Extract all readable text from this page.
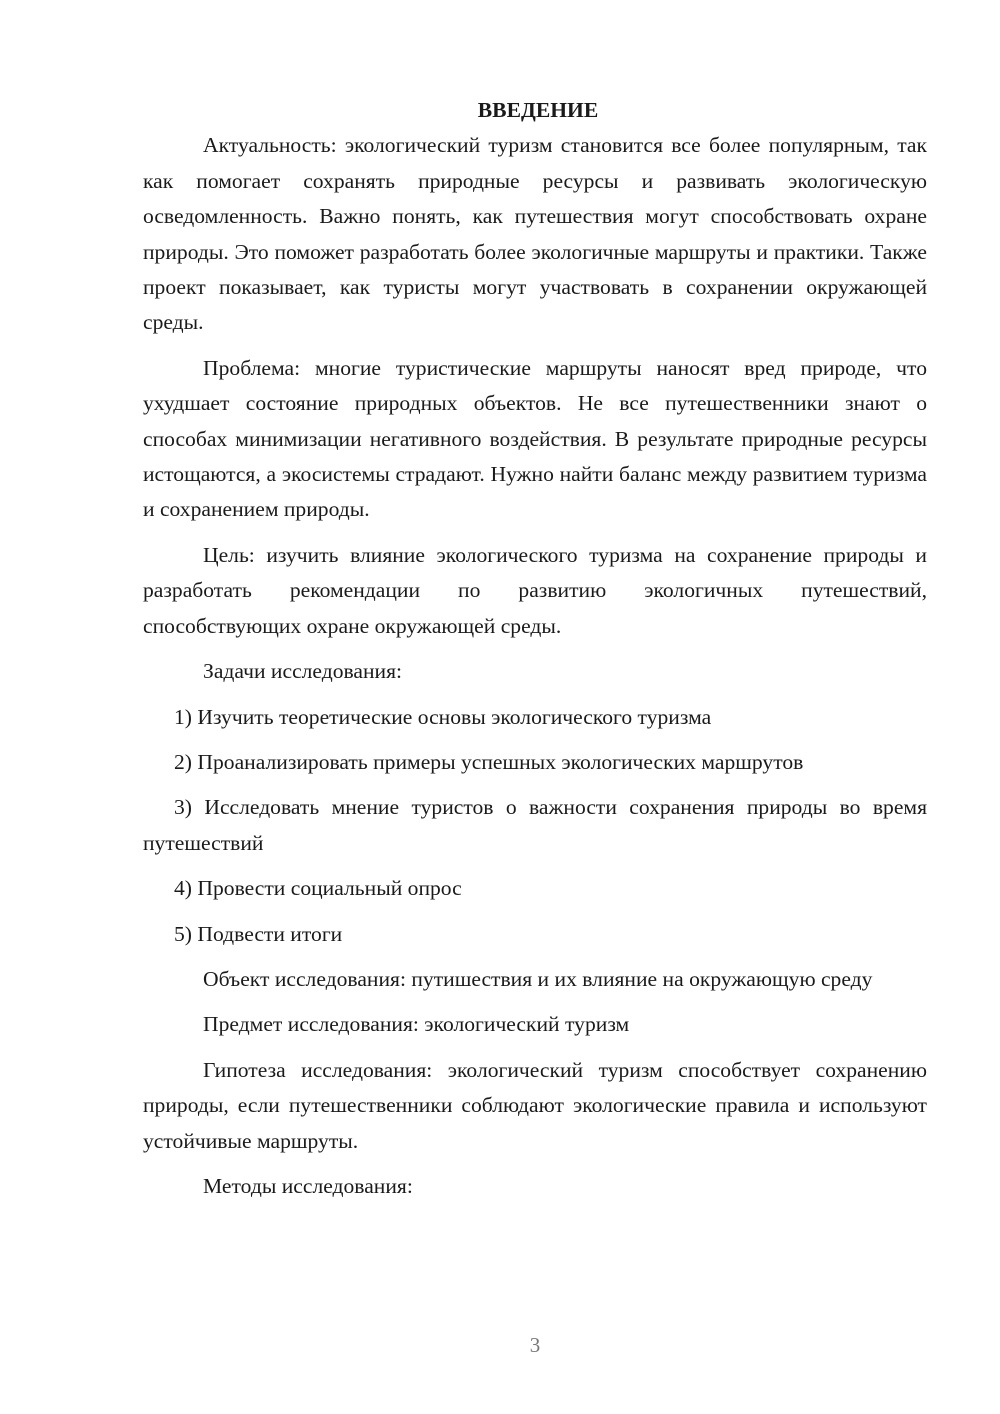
ВВЕДЕНИЕ

Актуальность: экологический туризм становится все более популярным, так как помогает сохранять природные ресурсы и развивать экологическую осведомленность. Важно понять, как путешествия могут способствовать охране природы. Это поможет разработать более экологичные маршруты и практики. Также проект показывает, как туристы могут участвовать в сохранении окружающей среды.

Проблема: многие туристические маршруты наносят вред природе, что ухудшает состояние природных объектов. Не все путешественники знают о способах минимизации негативного воздействия. В результате природные ресурсы истощаются, а экосистемы страдают. Нужно найти баланс между развитием туризма и сохранением природы.

Цель: изучить влияние экологического туризма на сохранение природы и разработать рекомендации по развитию экологичных путешествий, способствующих охране окружающей среды.

Задачи исследования:

1) Изучить теоретические основы экологического туризма

2) Проанализировать примеры успешных экологических маршрутов

3) Исследовать мнение туристов о важности сохранения природы во время путешествий

4) Провести социальный опрос

5) Подвести итоги

Объект исследования: путишествия и их влияние на окружающую среду

Предмет исследования: экологический туризм

Гипотеза исследования: экологический туризм способствует сохранению природы, если путешественники соблюдают экологические правила и используют устойчивые маршруты.

Методы исследования:

3
